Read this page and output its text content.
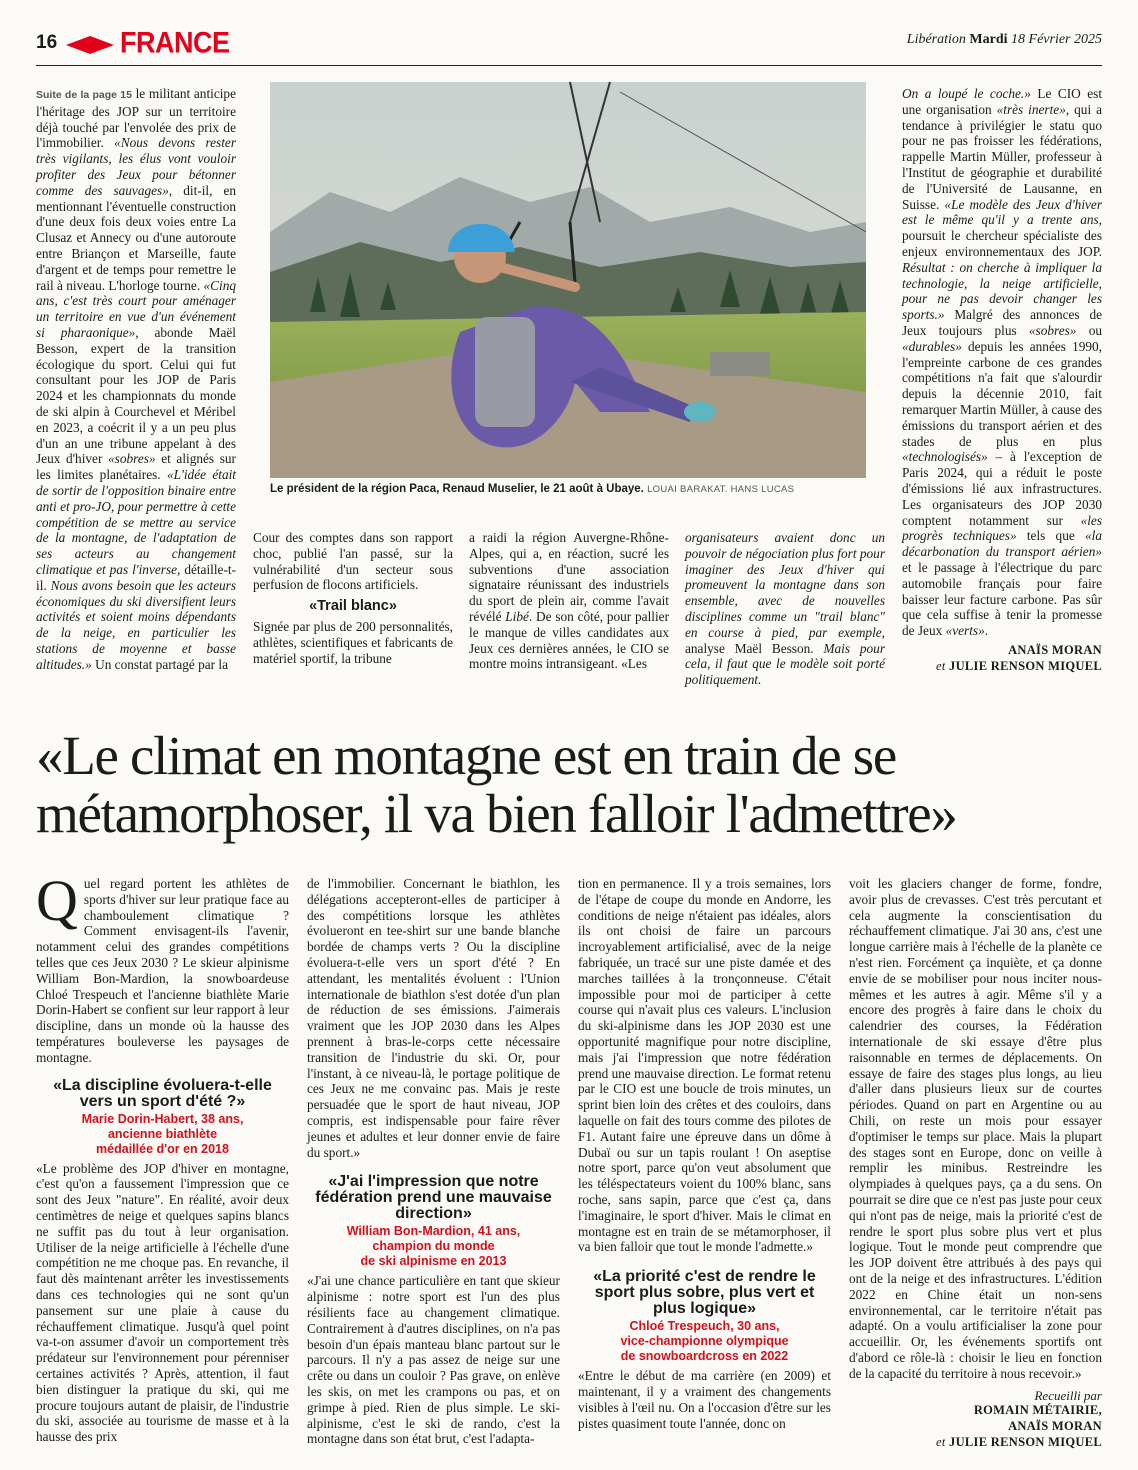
16 FRANCE	Libération Mardi 18 Février 2025

Suite de la page 15 le militant anticipe l'héritage des JOP sur un territoire déjà touché par l'envolée des prix de l'immobilier. «Nous devons rester très vigilants, les élus vont vouloir profiter des Jeux pour bétonner comme des sauvages», dit-il, en mentionnant l'éventuelle construction d'une deux fois deux voies entre La Clusaz et Annecy ou d'une autoroute entre Briançon et Marseille, faute d'argent et de temps pour remettre le rail à niveau. L'horloge tourne. «Cinq ans, c'est très court pour aménager un territoire en vue d'un événement si pharaonique», abonde Maël Besson, expert de la transition écologique du sport. Celui qui fut consultant pour les JOP de Paris 2024 et les championnats du monde de ski alpin à Courchevel et Méribel en 2023, a coécrit il y a un peu plus d'un an une tribune appelant à des Jeux d'hiver «sobres» et alignés sur les limites planétaires. «L'idée était de sortir de l'opposition binaire entre anti et pro-JO, pour permettre à cette compétition de se mettre au service de la montagne, de l'adaptation de ses acteurs au changement climatique et pas l'inverse, détaille-t-il. Nous avons besoin que les acteurs économiques du ski diversifient leurs activités et soient moins dépendants de la neige, en particulier les stations de moyenne et basse altitudes.» Un constat partagé par la

Le président de la région Paca, Renaud Muselier, le 21 août à Ubaye. LOUAI BARAKAT. HANS LUCAS

Cour des comptes dans son rapport choc, publié l'an passé, sur la vulnérabilité d'un secteur sous perfusion de flocons artificiels.

«Trail blanc»

Signée par plus de 200 personnalités, athlètes, scientifiques et fabricants de matériel sportif, la tribune

a raidi la région Auvergne-Rhône-Alpes, qui a, en réaction, sucré les subventions d'une association signataire réunissant des industriels du sport de plein air, comme l'avait révélé Libé. De son côté, pour pallier le manque de villes candidates aux Jeux ces dernières années, le CIO se montre moins intransigeant. «Les

organisateurs avaient donc un pouvoir de négociation plus fort pour imaginer des Jeux d'hiver qui promeuvent la montagne dans son ensemble, avec de nouvelles disciplines comme un "trail blanc" en course à pied, par exemple, analyse Maël Besson. Mais pour cela, il faut que le modèle soit porté politiquement.

On a loupé le coche.» Le CIO est une organisation «très inerte», qui a tendance à privilégier le statu quo pour ne pas froisser les fédérations, rappelle Martin Müller, professeur à l'Institut de géographie et durabilité de l'Université de Lausanne, en Suisse. «Le modèle des Jeux d'hiver est le même qu'il y a trente ans, poursuit le chercheur spécialiste des enjeux environnementaux des JOP. Résultat : on cherche à impliquer la technologie, la neige artificielle, pour ne pas devoir changer les sports.» Malgré des annonces de Jeux toujours plus «sobres» ou «durables» depuis les années 1990, l'empreinte carbone de ces grandes compétitions n'a fait que s'alourdir depuis la décennie 2010, fait remarquer Martin Müller, à cause des émissions du transport aérien et des stades de plus en plus «technologisés» – à l'exception de Paris 2024, qui a réduit le poste d'émissions lié aux infrastructures. Les organisateurs des JOP 2030 comptent notamment sur «les progrès techniques» tels que «la décarbonation du transport aérien» et le passage à l'électrique du parc automobile français pour faire baisser leur facture carbone. Pas sûr que cela suffise à tenir la promesse de Jeux «verts».

ANAÏS MORAN
et JULIE RENSON MIQUEL
«Le climat en montagne est en train de se métamorphoser, il va bien falloir l'admettre»

Quel regard portent les athlètes de sports d'hiver sur leur pratique face au chamboulement climatique ? Comment envisagent-ils l'avenir, notamment celui des grandes compétitions telles que ces Jeux 2030 ? Le skieur alpinisme William Bon-Mardion, la snowboardeuse Chloé Trespeuch et l'ancienne biathlète Marie Dorin-Habert se confient sur leur rapport à leur discipline, dans un monde où la hausse des températures bouleverse les paysages de montagne.

«La discipline évoluera-t-elle vers un sport d'été ?»
Marie Dorin-Habert, 38 ans,
ancienne biathlète
médaillée d'or en 2018

«Le problème des JOP d'hiver en montagne, c'est qu'on a faussement l'impression que ce sont des Jeux "nature". En réalité, avoir deux centimètres de neige et quelques sapins blancs ne suffit pas du tout à leur organisation. Utiliser de la neige artificielle à l'échelle d'une compétition ne me choque pas. En revanche, il faut dès maintenant arrêter les investissements dans ces technologies qui ne sont qu'un pansement sur une plaie à cause du réchauffement climatique. Jusqu'à quel point va-t-on assumer d'avoir un comportement très prédateur sur l'environnement pour pérenniser certaines activités ? Après, attention, il faut bien distinguer la pratique du ski, qui me procure toujours autant de plaisir, de l'industrie du ski, associée au tourisme de masse et à la hausse des prix

de l'immobilier. Concernant le biathlon, les délégations accepteront-elles de participer à des compétitions lorsque les athlètes évolueront en tee-shirt sur une bande blanche bordée de champs verts ? Ou la discipline évoluera-t-elle vers un sport d'été ? En attendant, les mentalités évoluent : l'Union internationale de biathlon s'est dotée d'un plan de réduction de ses émissions. J'aimerais vraiment que les JOP 2030 dans les Alpes prennent à bras-le-corps cette nécessaire transition de l'industrie du ski. Or, pour l'instant, à ce niveau-là, le portage politique de ces Jeux ne me convainc pas. Mais je reste persuadée que le sport de haut niveau, JOP compris, est indispensable pour faire rêver jeunes et adultes et leur donner envie de faire du sport.»

«J'ai l'impression que notre fédération prend une mauvaise direction»
William Bon-Mardion, 41 ans,
champion du monde
de ski alpinisme en 2013

«J'ai une chance particulière en tant que skieur alpinisme : notre sport est l'un des plus résilients face au changement climatique. Contrairement à d'autres disciplines, on n'a pas besoin d'un épais manteau blanc partout sur le parcours. Il n'y a pas assez de neige sur une crête ou dans un couloir ? Pas grave, on enlève les skis, on met les crampons ou pas, et on grimpe à pied. Rien de plus simple. Le ski-alpinisme, c'est le ski de rando, c'est la montagne dans son état brut, c'est l'adapta-

tion en permanence. Il y a trois semaines, lors de l'étape de coupe du monde en Andorre, les conditions de neige n'étaient pas idéales, alors ils ont choisi de faire un parcours incroyablement artificialisé, avec de la neige fabriquée, un tracé sur une piste damée et des marches taillées à la tronçonneuse. C'était impossible pour moi de participer à cette course qui n'avait plus ces valeurs. L'inclusion du ski-alpinisme dans les JOP 2030 est une opportunité magnifique pour notre discipline, mais j'ai l'impression que notre fédération prend une mauvaise direction. Le format retenu par le CIO est une boucle de trois minutes, un sprint bien loin des crêtes et des couloirs, dans laquelle on fait des tours comme des pilotes de F1. Autant faire une épreuve dans un dôme à Dubaï ou sur un tapis roulant ! On aseptise notre sport, parce qu'on veut absolument que les téléspectateurs voient du 100% blanc, sans roche, sans sapin, parce que c'est ça, dans l'imaginaire, le sport d'hiver. Mais le climat en montagne est en train de se métamorphoser, il va bien falloir que tout le monde l'admette.»

«La priorité c'est de rendre le sport plus sobre, plus vert et plus logique»
Chloé Trespeuch, 30 ans,
vice-championne olympique
de snowboardcross en 2022

«Entre le début de ma carrière (en 2009) et maintenant, il y a vraiment des changements visibles à l'œil nu. On a l'occasion d'être sur les pistes quasiment toute l'année, donc on

voit les glaciers changer de forme, fondre, avoir plus de crevasses. C'est très percutant et cela augmente la conscientisation du réchauffement climatique. J'ai 30 ans, c'est une longue carrière mais à l'échelle de la planète ce n'est rien. Forcément ça inquiète, et ça donne envie de se mobiliser pour nous inciter nous-mêmes et les autres à agir. Même s'il y a encore des progrès à faire dans le choix du calendrier des courses, la Fédération internationale de ski essaye d'être plus raisonnable en termes de déplacements. On essaye de faire des stages plus longs, au lieu d'aller dans plusieurs lieux sur de courtes périodes. Quand on part en Argentine ou au Chili, on reste un mois pour essayer d'optimiser le temps sur place. Mais la plupart des stages sont en Europe, donc on veille à remplir les minibus. Restreindre les olympiades à quelques pays, ça a du sens. On pourrait se dire que ce n'est pas juste pour ceux qui n'ont pas de neige, mais la priorité c'est de rendre le sport plus sobre plus vert et plus logique. Tout le monde peut comprendre que les JOP doivent être attribués à des pays qui ont de la neige et des infrastructures. L'édition 2022 en Chine était un non-sens environnemental, car le territoire n'était pas adapté. On a voulu artificialiser la zone pour accueillir. Or, les événements sportifs ont d'abord ce rôle-là : choisir le lieu en fonction de la capacité du territoire à nous recevoir.»

Recueilli par
ROMAIN MÉTAIRIE,
ANAÏS MORAN
et JULIE RENSON MIQUEL
